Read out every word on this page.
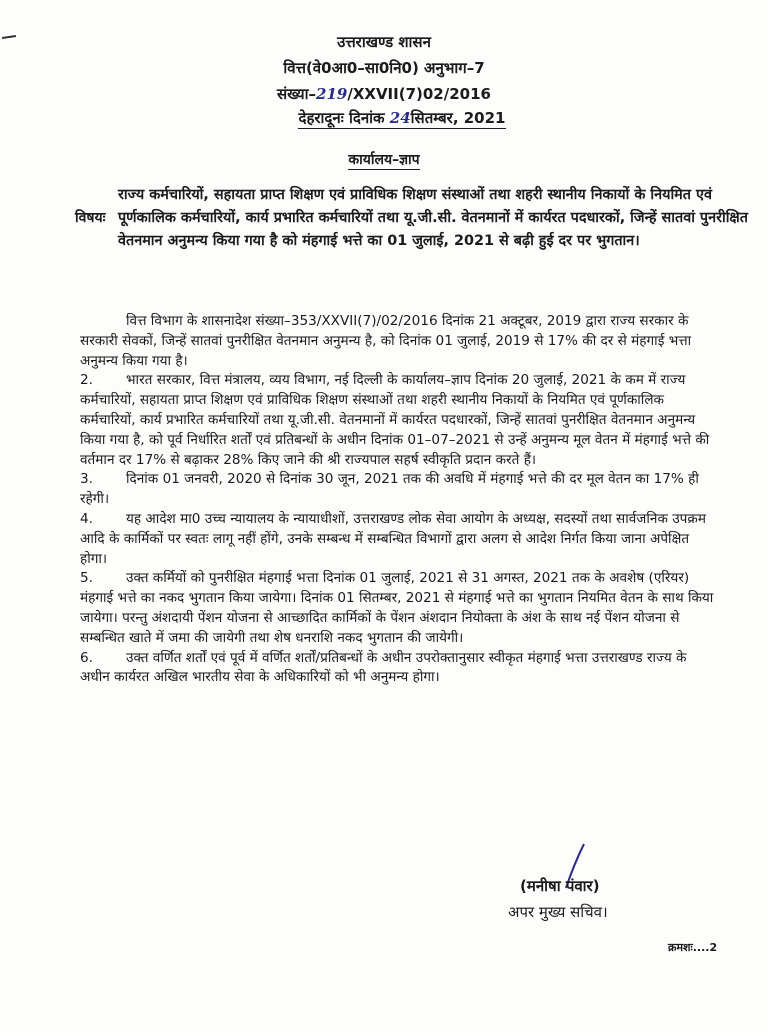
उत्तराखण्ड शासन
वित्त(वे0आ0–सा0नि0) अनुभाग–7
संख्या–219/XXVII(7)02/2016
देहरादूनः दिनांक 24सितम्बर, 2021
कार्यालय–ज्ञाप
विषयः
राज्य कर्मचारियों, सहायता प्राप्त शिक्षण एवं प्राविधिक शिक्षण संस्थाओं तथा शहरी स्थानीय निकायों के नियमित एवं पूर्णकालिक कर्मचारियों, कार्य प्रभारित कर्मचारियों तथा यू.जी.सी. वेतनमानों में कार्यरत पदधारकों, जिन्हें सातवां पुनरीक्षित वेतनमान अनुमन्य किया गया है को मंहगाई भत्ते का 01 जुलाई, 2021 से बढ़ी हुई दर पर भुगतान।

वित्त विभाग के शासनादेश संख्या–353/XXVII(7)/02/2016 दिनांक 21 अक्टूबर, 2019 द्वारा राज्य सरकार के सरकारी सेवकों, जिन्हें सातवां पुनरीक्षित वेतनमान अनुमन्य है, को दिनांक 01 जुलाई, 2019 से 17% की दर से मंहगाई भत्ता अनुमन्य किया गया है।

2. भारत सरकार, वित्त मंत्रालय, व्यय विभाग, नई दिल्ली के कार्यालय–ज्ञाप दिनांक 20 जुलाई, 2021 के कम में राज्य कर्मचारियों, सहायता प्राप्त शिक्षण एवं प्राविधिक शिक्षण संस्थाओं तथा शहरी स्थानीय निकायों के नियमित एवं पूर्णकालिक कर्मचारियों, कार्य प्रभारित कर्मचारियों तथा यू.जी.सी. वेतनमानों में कार्यरत पदधारकों, जिन्हें सातवां पुनरीक्षित वेतनमान अनुमन्य किया गया है, को पूर्व निर्धारित शर्तों एवं प्रतिबन्धों के अधीन दिनांक 01–07–2021 से उन्हें अनुमन्य मूल वेतन में मंहगाई भत्ते की वर्तमान दर 17% से बढ़ाकर 28% किए जाने की श्री राज्यपाल सहर्ष स्वीकृति प्रदान करते हैं।

3. दिनांक 01 जनवरी, 2020 से दिनांक 30 जून, 2021 तक की अवधि में मंहगाई भत्ते की दर मूल वेतन का 17% ही रहेगी।

4. यह आदेश मा0 उच्च न्यायालय के न्यायाधीशों, उत्तराखण्ड लोक सेवा आयोग के अध्यक्ष, सदस्यों तथा सार्वजनिक उपक्रम आदि के कार्मिकों पर स्वतः लागू नहीं होंगे, उनके सम्बन्ध में सम्बन्धित विभागों द्वारा अलग से आदेश निर्गत किया जाना अपेक्षित होगा।

5. उक्त कर्मियों को पुनरीक्षित मंहगाई भत्ता दिनांक 01 जुलाई, 2021 से 31 अगस्त, 2021 तक के अवशेष (एरियर) मंहगाई भत्ते का नकद भुगतान किया जायेगा। दिनांक 01 सितम्बर, 2021 से मंहगाई भत्ते का भुगतान नियमित वेतन के साथ किया जायेगा। परन्तु अंशदायी पेंशन योजना से आच्छादित कार्मिकों के पेंशन अंशदान नियोक्ता के अंश के साथ नई पेंशन योजना से सम्बन्धित खाते में जमा की जायेगी तथा शेष धनराशि नकद भुगतान की जायेगी।

6. उक्त वर्णित शर्तों एवं पूर्व में वर्णित शर्तों/प्रतिबन्धों के अधीन उपरोक्तानुसार स्वीकृत मंहगाई भत्ता उत्तराखण्ड राज्य के अधीन कार्यरत अखिल भारतीय सेवा के अधिकारियों को भी अनुमन्य होगा।

(मनीषा पंवार)
अपर मुख्य सचिव।
क्रमशः....2
